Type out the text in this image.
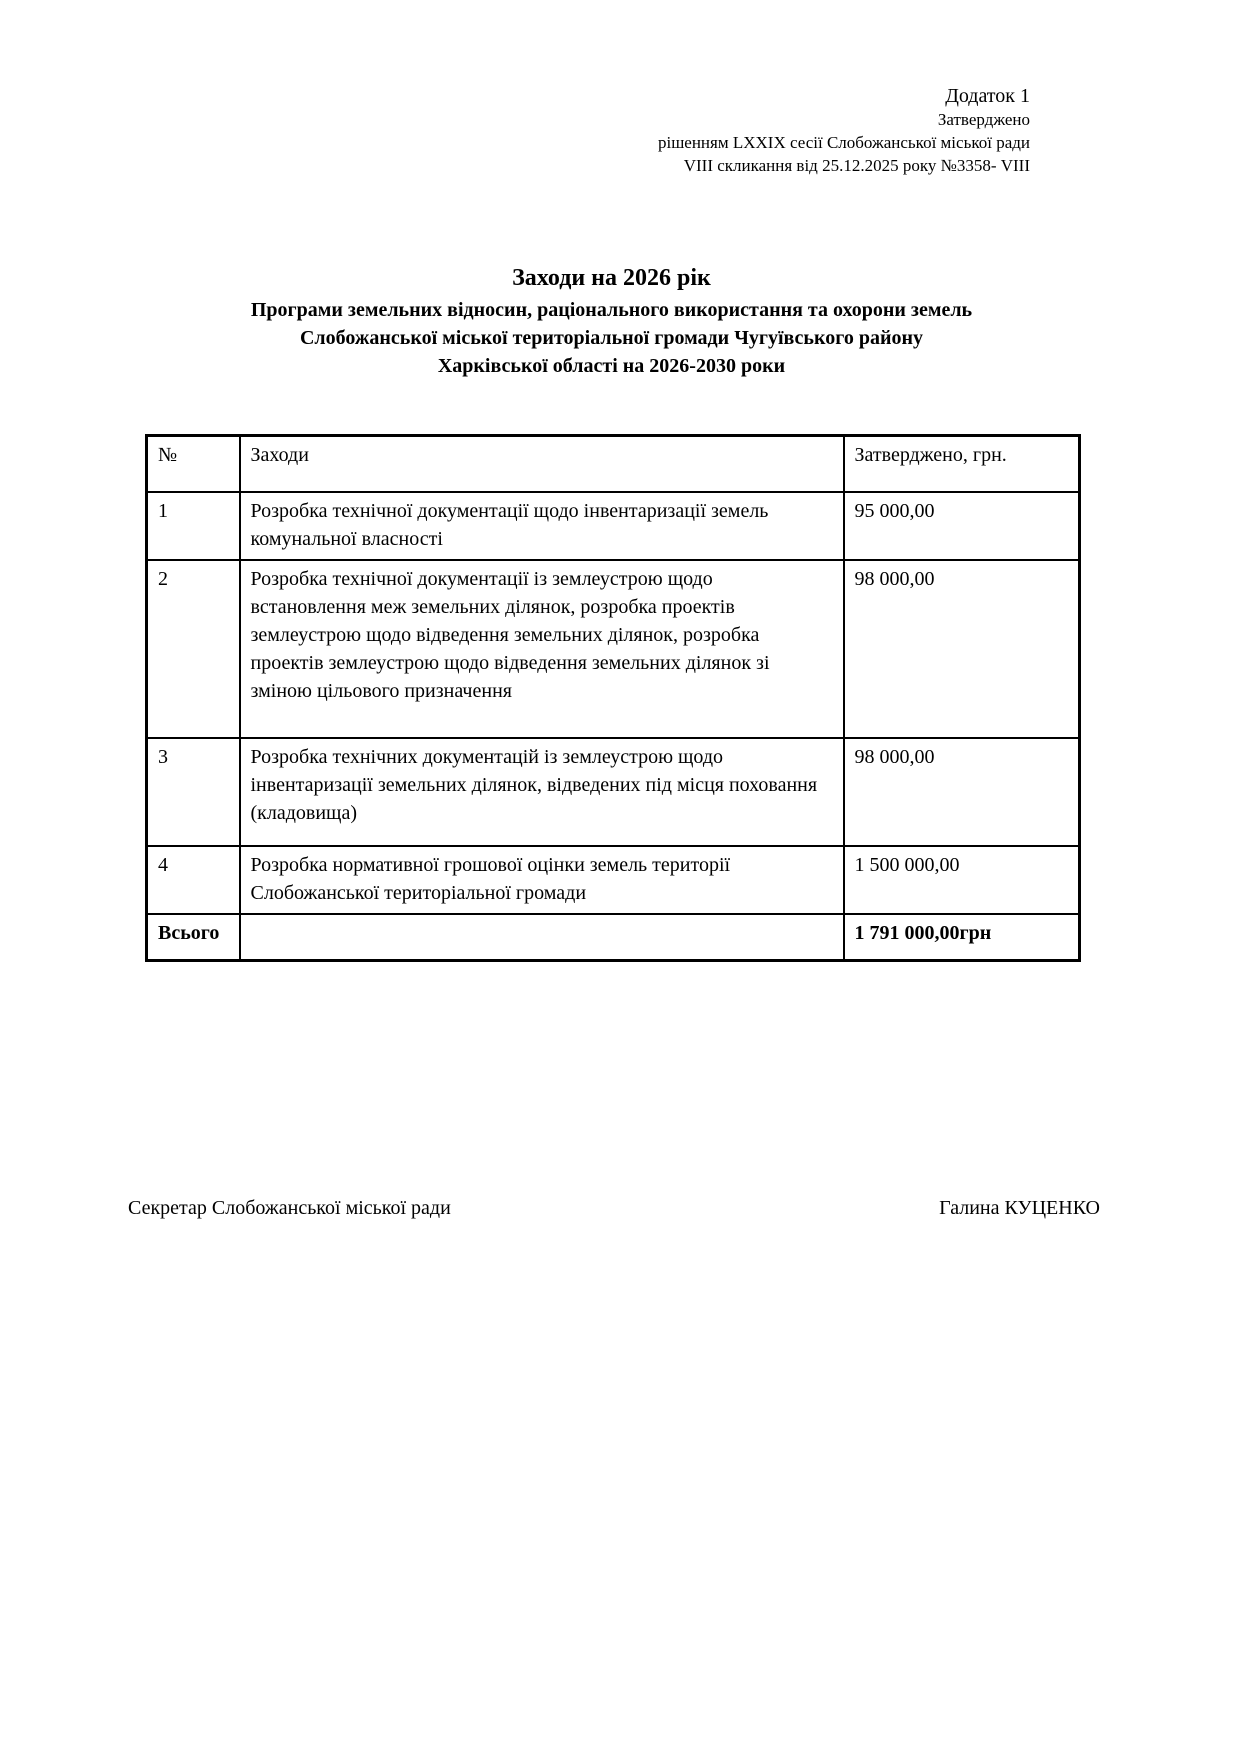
Додаток 1
Затверджено
рішенням LXXIX сесії Слобожанської міської ради
VIII скликання від 25.12.2025 року №3358- VIII
Заходи на 2026 рік
Програми земельних відносин, раціонального використання та охорони земель
Слобожанської міської територіальної громади Чугуївського району
Харківської області на 2026-2030 роки
№	Заходи	Затверджено, грн.
1	Розробка технічної документації щодо інвентаризації земель комунальної власності	95 000,00
2	Розробка технічної документації із землеустрою щодо встановлення меж земельних ділянок, розробка проектів землеустрою щодо відведення земельних ділянок, розробка проектів землеустрою щодо відведення земельних ділянок зі зміною цільового призначення	98 000,00
3	Розробка технічних документацій із землеустрою щодо інвентаризації земельних ділянок, відведених під місця поховання (кладовища)	98 000,00
4	Розробка нормативної грошової оцінки земель території Слобожанської територіальної громади	1 500 000,00
Всього		1 791 000,00грн
Секретар Слобожанської міської ради	Галина КУЦЕНКО
